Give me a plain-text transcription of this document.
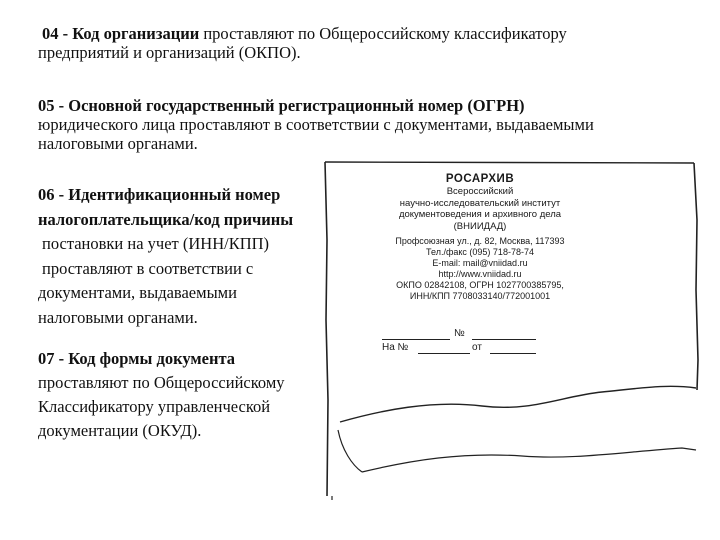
04 - Код организации проставляют по Общероссийскому классификатору
предприятий и организаций (ОКПО).
05 - Основной государственный регистрационный номер (ОГРН)
юридического лица проставляют в соответствии с документами, выдаваемыми
налоговыми органами.
06 - Идентификационный номер
налогоплательщика/код причины
постановки на учет (ИНН/КПП)
проставляют в соответствии с
документами, выдаваемыми
налоговыми органами.
07 - Код формы документа
проставляют по Общероссийскому
Классификатору управленческой
документации (ОКУД).
РОСАРХИВ
Всероссийский
научно-исследовательский институт
документоведения и архивного дела
(ВНИИДАД)
Профсоюзная ул., д. 82, Москва, 117393
Тел./факс (095) 718-78-74
E-mail: mail@vniidad.ru
http://www.vniidad.ru
ОКПО 02842108, ОГРН 1027700385795,
ИНН/КПП 7708033140/772001001
№
На №	от
